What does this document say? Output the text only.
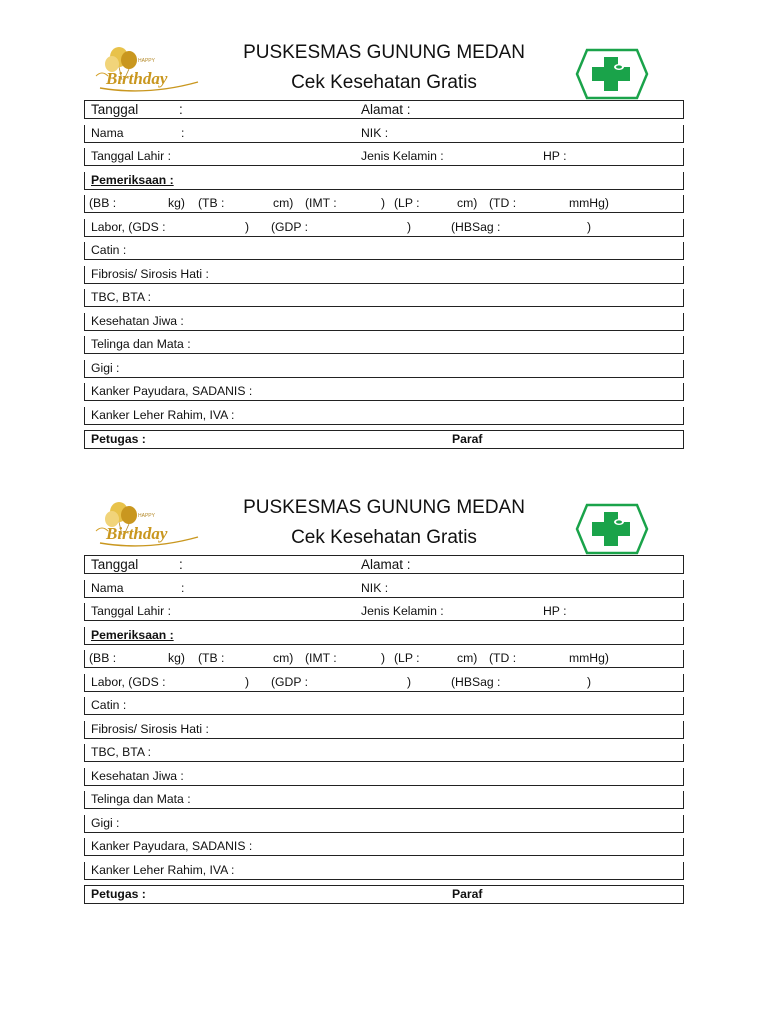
HAPPY
Birthday
PUSKESMAS GUNUNG MEDAN
Cek Kesehatan Gratis
Tanggal	:	Alamat :
Nama	:	NIK :
Tanggal Lahir :	Jenis Kelamin :	HP :
Pemeriksaan :
(BB :	kg) (TB :	cm) (IMT :	) (LP :	cm) (TD :	mmHg)
Labor, (GDS :	) (GDP :	)	(HBSag :	)
Catin :
Fibrosis/ Sirosis Hati :
TBC, BTA :
Kesehatan Jiwa :
Telinga dan Mata :
Gigi :
Kanker Payudara, SADANIS :
Kanker Leher Rahim, IVA :
Petugas :	Paraf
HAPPY
Birthday
PUSKESMAS GUNUNG MEDAN
Cek Kesehatan Gratis
Tanggal	:	Alamat :
Nama	:	NIK :
Tanggal Lahir :	Jenis Kelamin :	HP :
Pemeriksaan :
(BB :	kg) (TB :	cm) (IMT :	) (LP :	cm) (TD :	mmHg)
Labor, (GDS :	) (GDP :	)	(HBSag :	)
Catin :
Fibrosis/ Sirosis Hati :
TBC, BTA :
Kesehatan Jiwa :
Telinga dan Mata :
Gigi :
Kanker Payudara, SADANIS :
Kanker Leher Rahim, IVA :
Petugas :	Paraf
